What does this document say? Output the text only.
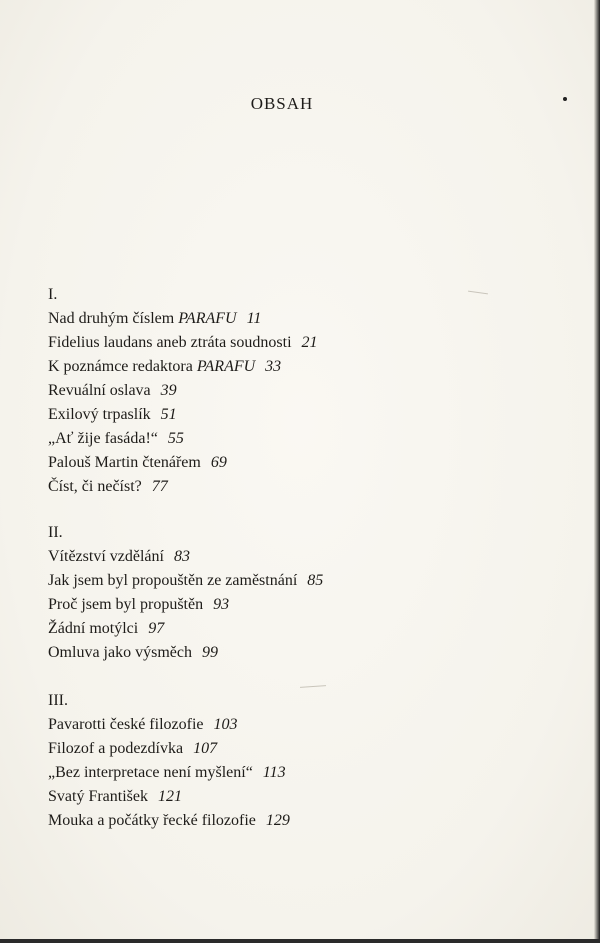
OBSAH
I.
Nad druhým číslem PARAFU 11
Fidelius laudans aneb ztráta soudnosti 21
K poznámce redaktora PARAFU 33
Revuální oslava 39
Exilový trpaslík 51
„Ať žije fasáda!“ 55
Palouš Martin čtenářem 69
Číst, či nečíst? 77
II.
Vítězství vzdělání 83
Jak jsem byl propouštěn ze zaměstnání 85
Proč jsem byl propuštěn 93
Žádní motýlci 97
Omluva jako výsměch 99
III.
Pavarotti české filozofie 103
Filozof a podezdívka 107
„Bez interpretace není myšlení“ 113
Svatý František 121
Mouka a počátky řecké filozofie 129
